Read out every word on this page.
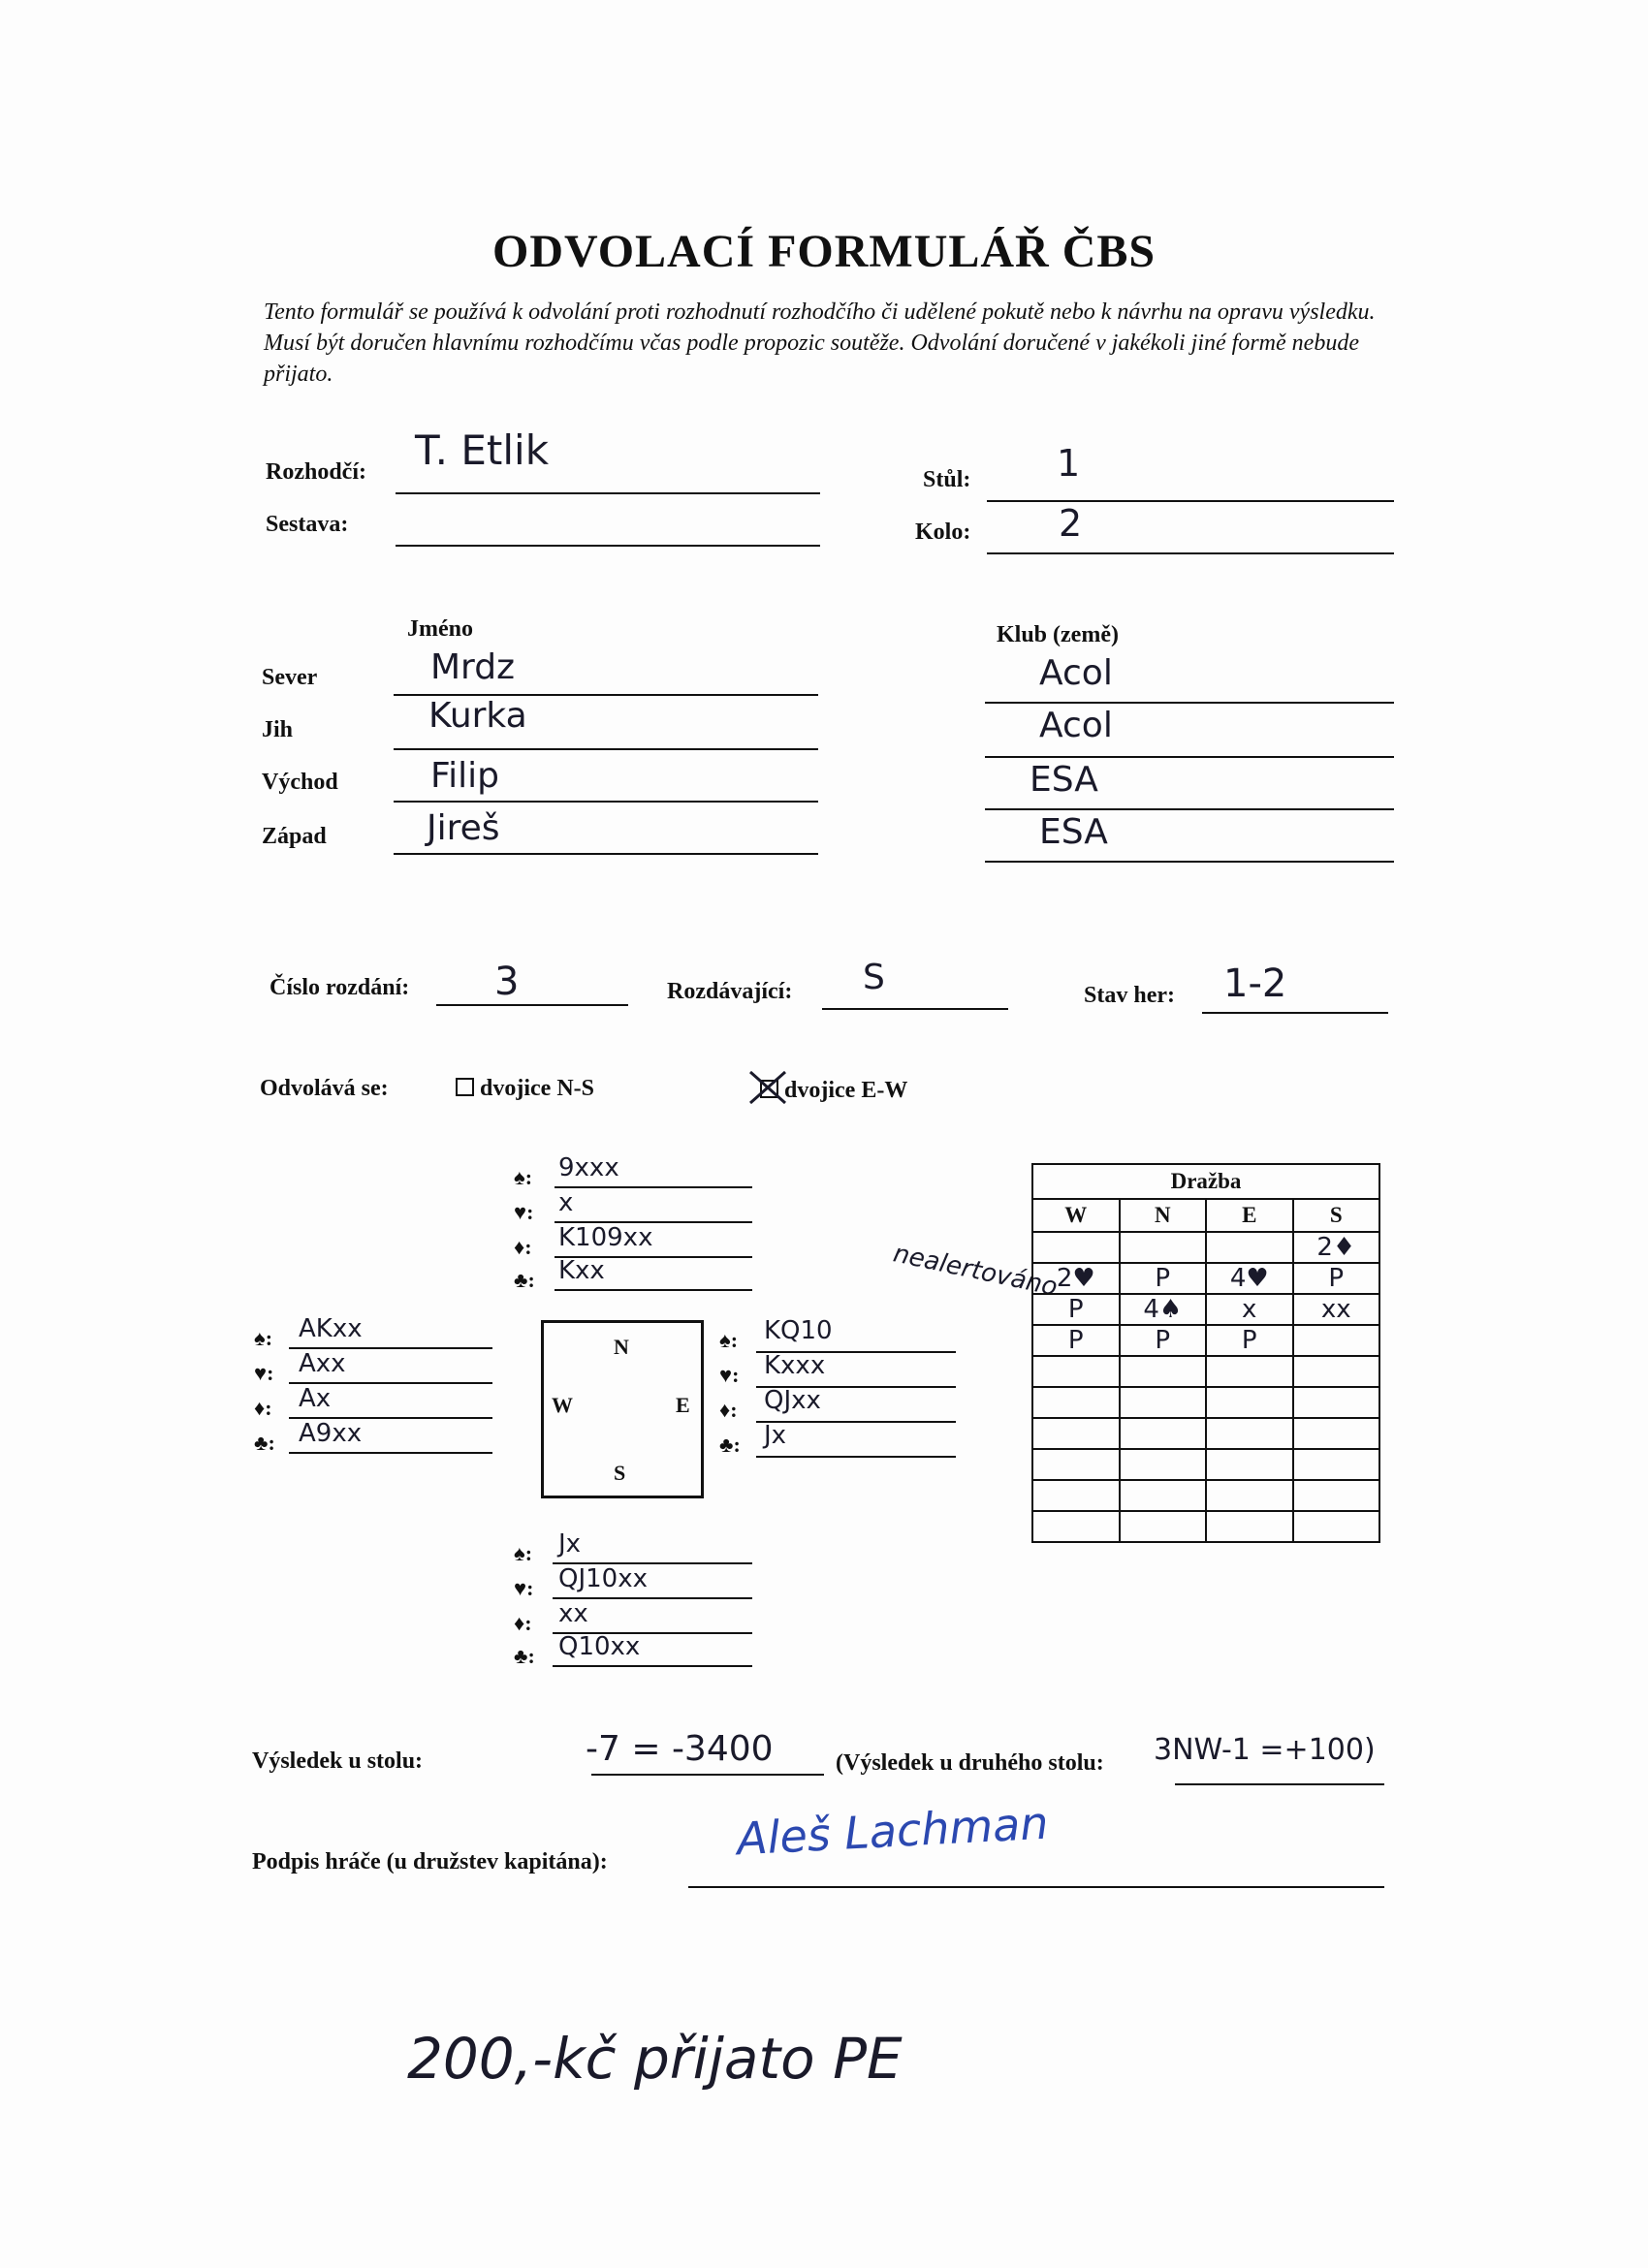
ODVOLACÍ FORMULÁŘ ČBS
Tento formulář se používá k odvolání proti rozhodnutí rozhodčího či udělené pokutě nebo k návrhu na opravu výsledku. Musí být doručen hlavnímu rozhodčímu včas podle propozic soutěže. Odvolání doručené v jakékoli jiné formě nebude přijato.
Rozhodčí: T. Etlik
Sestava:
Stůl: 1
Kolo: 2
Jméno	Klub (země)
Sever	Mrdz	Acol
Jih	Kurka	Acol
Východ	Filip	ESA
Západ	Jireš	ESA
Číslo rozdání: 3	Rozdávající: S	Stav her: 1-2
Odvolává se:	dvojice N-S	dvojice E-W
♠: 9xxx
♥: x
♦: K109xx
♣: Kxx
♠: AKxx
♥: Axx
♦: Ax
♣: A9xx
N
W	E
S
♠: KQ10
♥: Kxxx
♦: QJxx
♣: Jx
♠: Jx
♥: QJ10xx
♦: xx
♣: Q10xx
nealertováno
Dražba			
W	N	E	S
			2♦
2♥	P	4♥	P
P	4♠	x	xx
P	P	P	

Výsledek u stolu:	-7 = -3400	(Výsledek u druhého stolu: 3NW-1 =+100)
Podpis hráče (u družstev kapitána):	Aleš Lachman
200,-kč přijato PE
